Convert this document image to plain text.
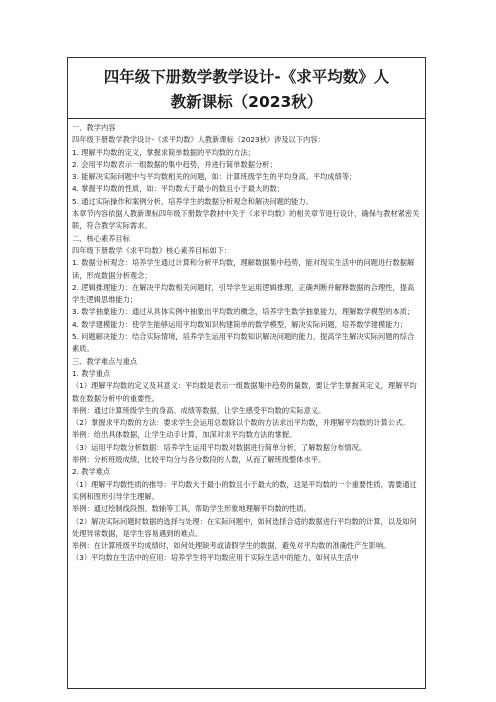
四年级下册数学教学设计-《求平均数》人
教新课标（2023秋）

一、教学内容

四年级下册数学教学设计-《求平均数》人教新课标（2023秋）涉及以下内容：

1. 理解平均数的定义，掌握求简单数据的平均数的方法；

2. 会用平均数表示一组数据的集中趋势，并进行简单数据分析；

3. 能解决实际问题中与平均数相关的问题，如：计算班级学生的平均身高、平均成绩等；

4. 掌握平均数的性质，如：平均数大于最小的数且小于最大的数；

5. 通过实际操作和案例分析，培养学生的数据分析观念和解决问题的能力。

本章节内容依据人教新课标四年级下册数学教材中关于《求平均数》的相关章节进行设计，确保与教材紧密关联，符合教学实际需求。

二、核心素养目标

四年级下册数学《求平均数》核心素养目标如下：

1. 数据分析观念：培养学生通过计算和分析平均数，理解数据集中趋势，能对现实生活中的问题进行数据解读，形成数据分析观念；

2. 逻辑推理能力：在解决平均数相关问题时，引导学生运用逻辑推理，正确判断并解释数据的合理性，提高学生逻辑思维能力；

3. 数学抽象能力：通过从具体实例中抽象出平均数的概念，培养学生数学抽象能力，理解数学模型的本质；

4. 数学建模能力：使学生能够运用平均数知识构建简单的数学模型，解决实际问题，培养数学建模能力；

5. 问题解决能力：结合实际情境，培养学生运用平均数知识解决问题的能力，提高学生解决实际问题的综合素质。

三、教学难点与重点

1. 教学重点

（1）理解平均数的定义及其意义：平均数是表示一组数据集中趋势的量数，要让学生掌握其定义，理解平均数在数据分析中的重要性。

举例：通过计算班级学生的身高、成绩等数据，让学生感受平均数的实际意义。

（2）掌握求平均数的方法：要求学生会运用总数除以个数的方法求出平均数，并理解平均数的计算公式。

举例：给出具体数据，让学生动手计算，加深对求平均数方法的掌握。

（3）运用平均数分析数据：培养学生运用平均数对数据进行简单分析，了解数据分布情况。

举例：分析班级成绩，比较平均分与各分数段的人数，从而了解班级整体水平。

2. 教学难点

（1）理解平均数性质的推导：平均数大于最小的数且小于最大的数，这是平均数的一个重要性质，需要通过实例和图形引导学生理解。

举例：通过绘制线段图、数轴等工具，帮助学生形象地理解平均数的性质。

（2）解决实际问题时数据的选择与处理：在实际问题中，如何选择合适的数据进行平均数的计算，以及如何处理异常数据，是学生容易遇到的难点。

举例：在计算班级平均成绩时，如何处理缺考或请假学生的数据，避免对平均数的准确性产生影响。

（3）平均数在生活中的应用：培养学生将平均数应用于实际生活中的能力，如何从生活中
